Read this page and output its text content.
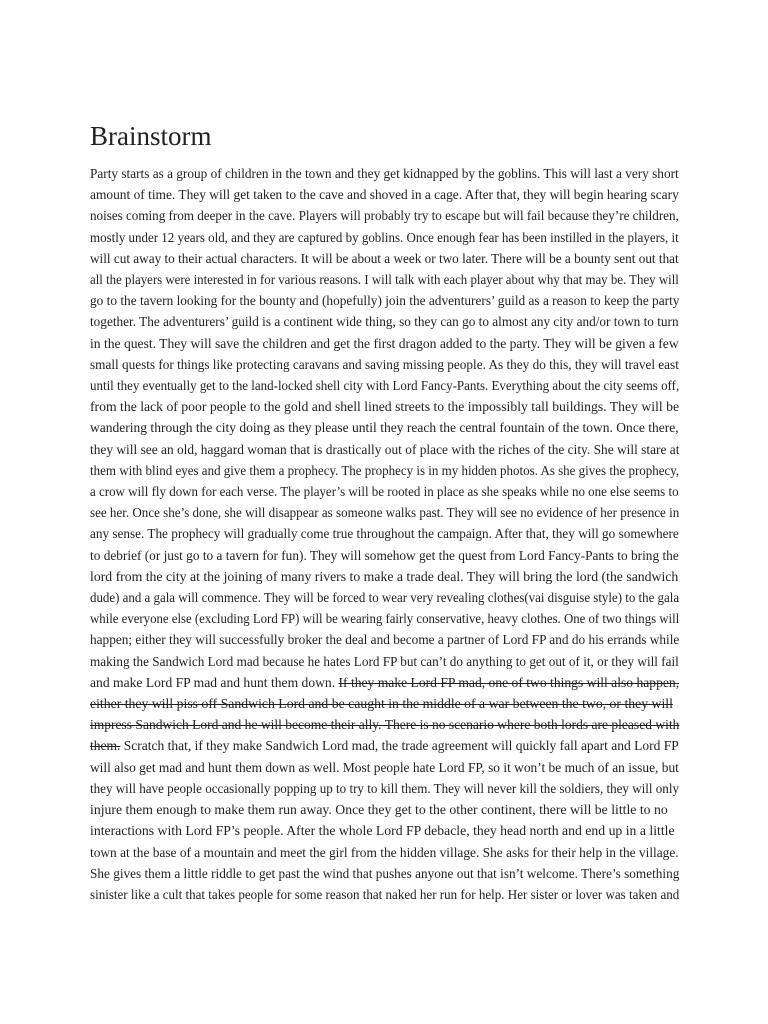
Brainstorm
Party starts as a group of children in the town and they get kidnapped by the goblins. This will last a very short
amount of time. They will get taken to the cave and shoved in a cage. After that, they will begin hearing scary
noises coming from deeper in the cave. Players will probably try to escape but will fail because they’re children,
mostly under 12 years old, and they are captured by goblins. Once enough fear has been instilled in the players, it
will cut away to their actual characters. It will be about a week or two later. There will be a bounty sent out that
all the players were interested in for various reasons. I will talk with each player about why that may be. They will
go to the tavern looking for the bounty and (hopefully) join the adventurers’ guild as a reason to keep the party
together. The adventurers’ guild is a continent wide thing, so they can go to almost any city and/or town to turn
in the quest. They will save the children and get the first dragon added to the party. They will be given a few
small quests for things like protecting caravans and saving missing people. As they do this, they will travel east
until they eventually get to the land-locked shell city with Lord Fancy-Pants. Everything about the city seems off,
from the lack of poor people to the gold and shell lined streets to the impossibly tall buildings. They will be
wandering through the city doing as they please until they reach the central fountain of the town. Once there,
they will see an old, haggard woman that is drastically out of place with the riches of the city. She will stare at
them with blind eyes and give them a prophecy. The prophecy is in my hidden photos. As she gives the prophecy,
a crow will fly down for each verse. The player’s will be rooted in place as she speaks while no one else seems to
see her. Once she’s done, she will disappear as someone walks past. They will see no evidence of her presence in
any sense. The prophecy will gradually come true throughout the campaign. After that, they will go somewhere
to debrief (or just go to a tavern for fun). They will somehow get the quest from Lord Fancy-Pants to bring the
lord from the city at the joining of many rivers to make a trade deal. They will bring the lord (the sandwich
dude) and a gala will commence. They will be forced to wear very revealing clothes(vai disguise style) to the gala
while everyone else (excluding Lord FP) will be wearing fairly conservative, heavy clothes. One of two things will
happen; either they will successfully broker the deal and become a partner of Lord FP and do his errands while
making the Sandwich Lord mad because he hates Lord FP but can’t do anything to get out of it, or they will fail
and make Lord FP mad and hunt them down. If they make Lord FP mad, one of two things will also happen,
either they will piss off Sandwich Lord and be caught in the middle of a war between the two, or they will
impress Sandwich Lord and he will become their ally. There is no scenario where both lords are pleased with
them. Scratch that, if they make Sandwich Lord mad, the trade agreement will quickly fall apart and Lord FP
will also get mad and hunt them down as well. Most people hate Lord FP, so it won’t be much of an issue, but
they will have people occasionally popping up to try to kill them. They will never kill the soldiers, they will only
injure them enough to make them run away. Once they get to the other continent, there will be little to no
interactions with Lord FP’s people. After the whole Lord FP debacle, they head north and end up in a little
town at the base of a mountain and meet the girl from the hidden village. She asks for their help in the village.
She gives them a little riddle to get past the wind that pushes anyone out that isn’t welcome. There’s something
sinister like a cult that takes people for some reason that naked her run for help. Her sister or lover was taken and
